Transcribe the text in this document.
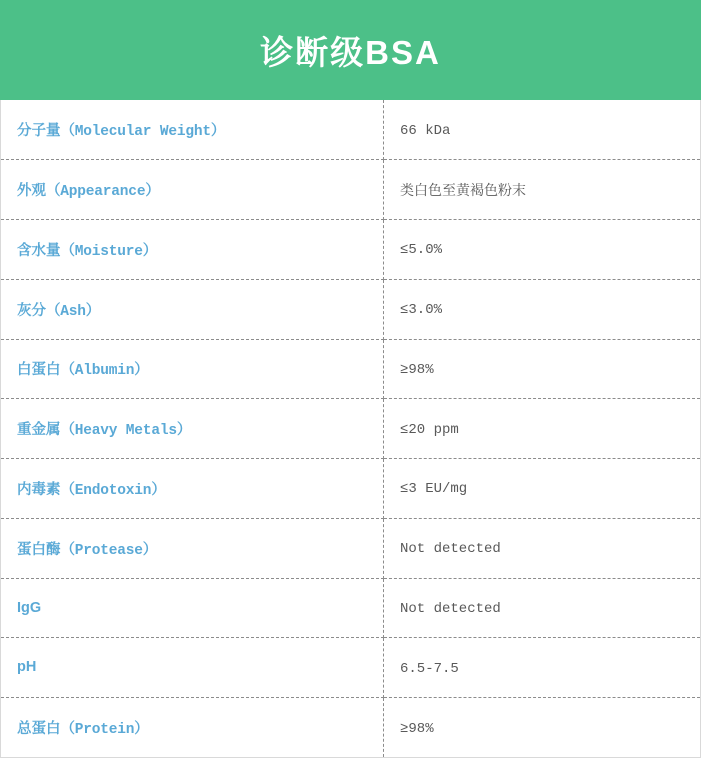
诊断级BSA
分子量（Molecular Weight）	66 kDa
外观（Appearance）	类白色至黄褐色粉末
含水量（Moisture）	≤5.0%
灰分（Ash）	≤3.0%
白蛋白（Albumin）	≥98%
重金属（Heavy Metals）	≤20 ppm
内毒素（Endotoxin）	≤3 EU/mg
蛋白酶（Protease）	Not detected
IgG	Not detected
pH	6.5-7.5
总蛋白（Protein）	≥98%
